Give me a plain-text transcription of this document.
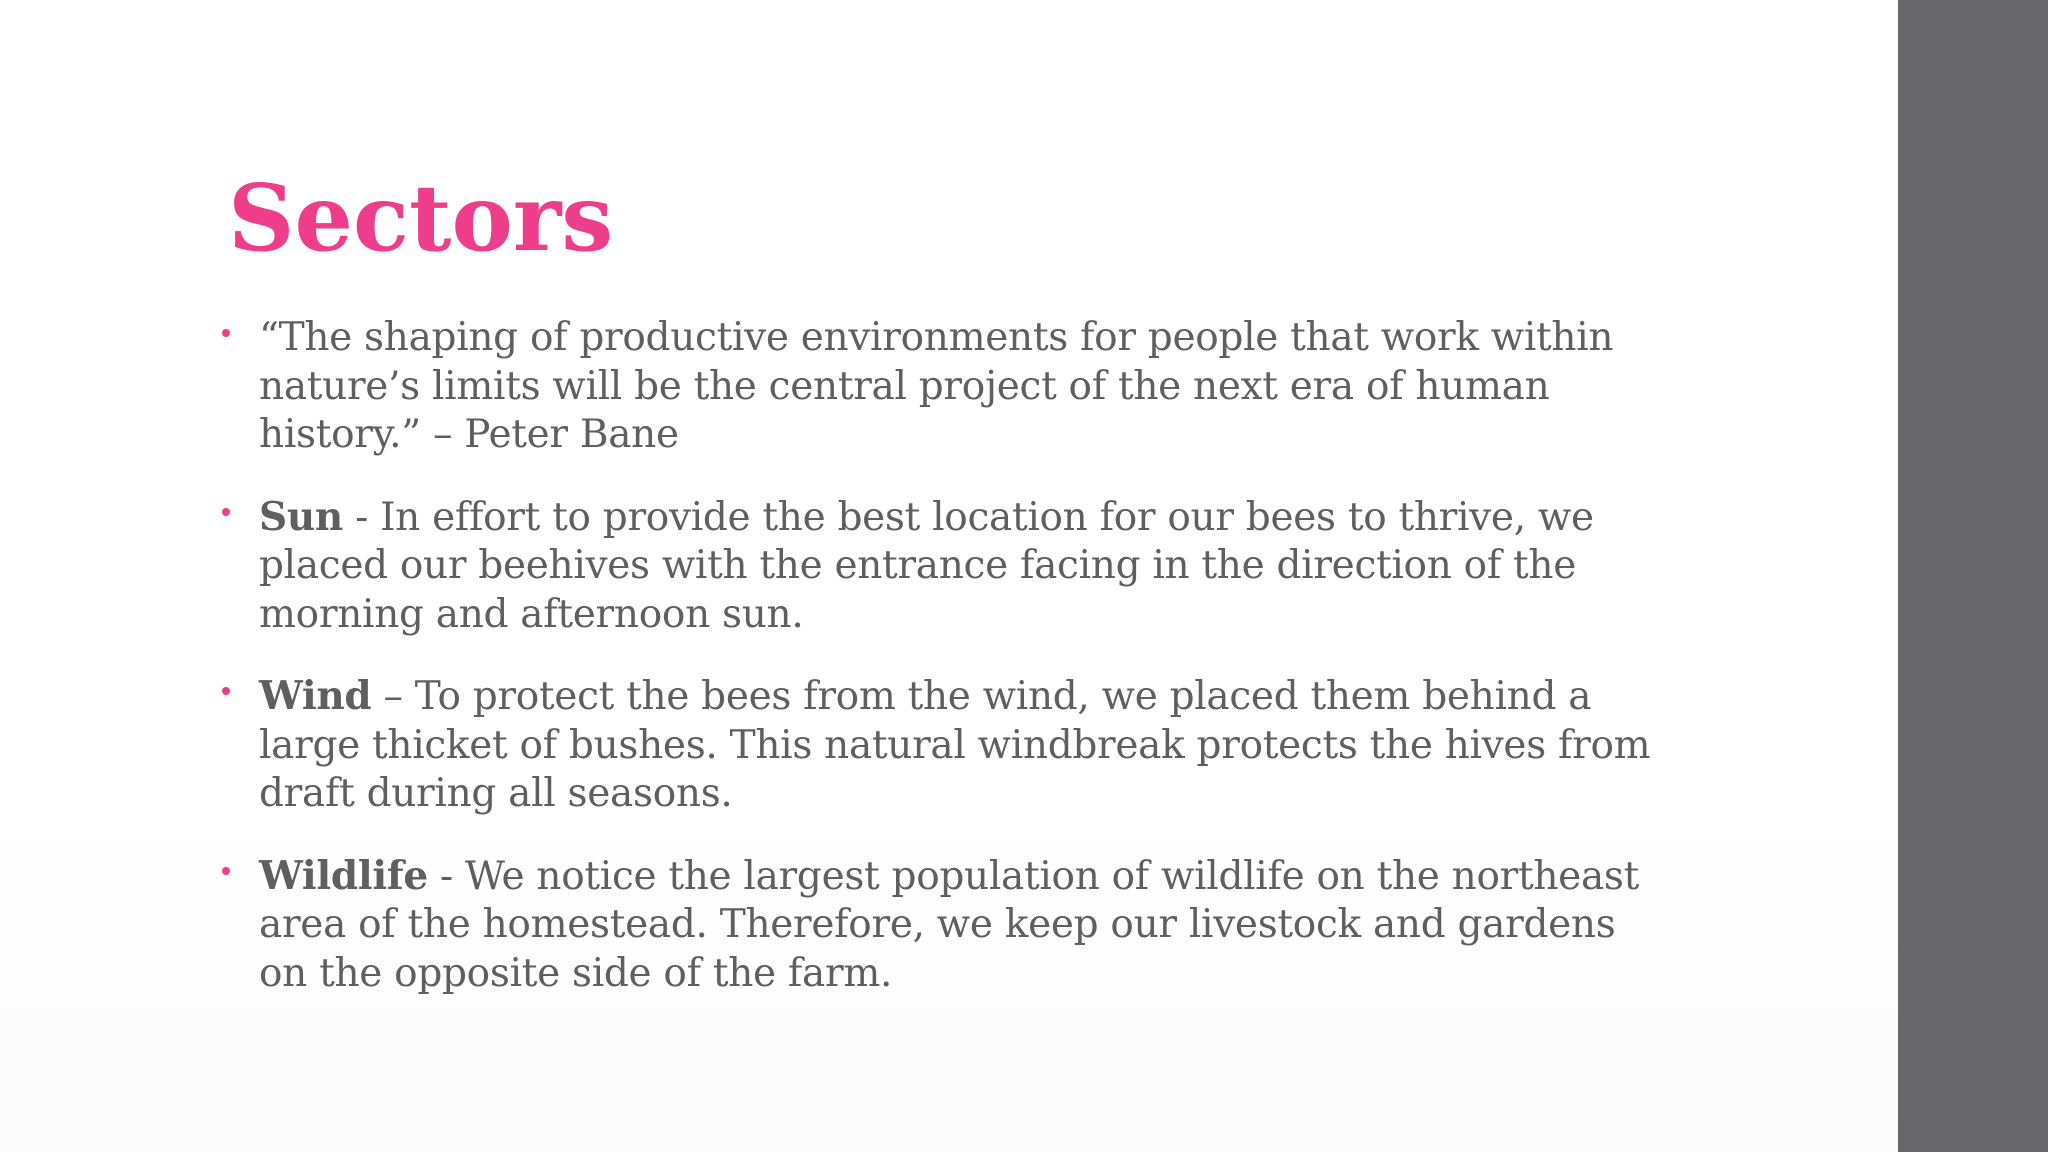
Sectors
“The shaping of productive environments for people that work within nature’s limits will be the central project of the next era of human history.” – Peter Bane
Sun - In effort to provide the best location for our bees to thrive, we placed our beehives with the entrance facing in the direction of the morning and afternoon sun.
Wind – To protect the bees from the wind, we placed them behind a large thicket of bushes. This natural windbreak protects the hives from draft during all seasons.
Wildlife - We notice the largest population of wildlife on the northeast area of the homestead. Therefore, we keep our livestock and gardens on the opposite side of the farm.
